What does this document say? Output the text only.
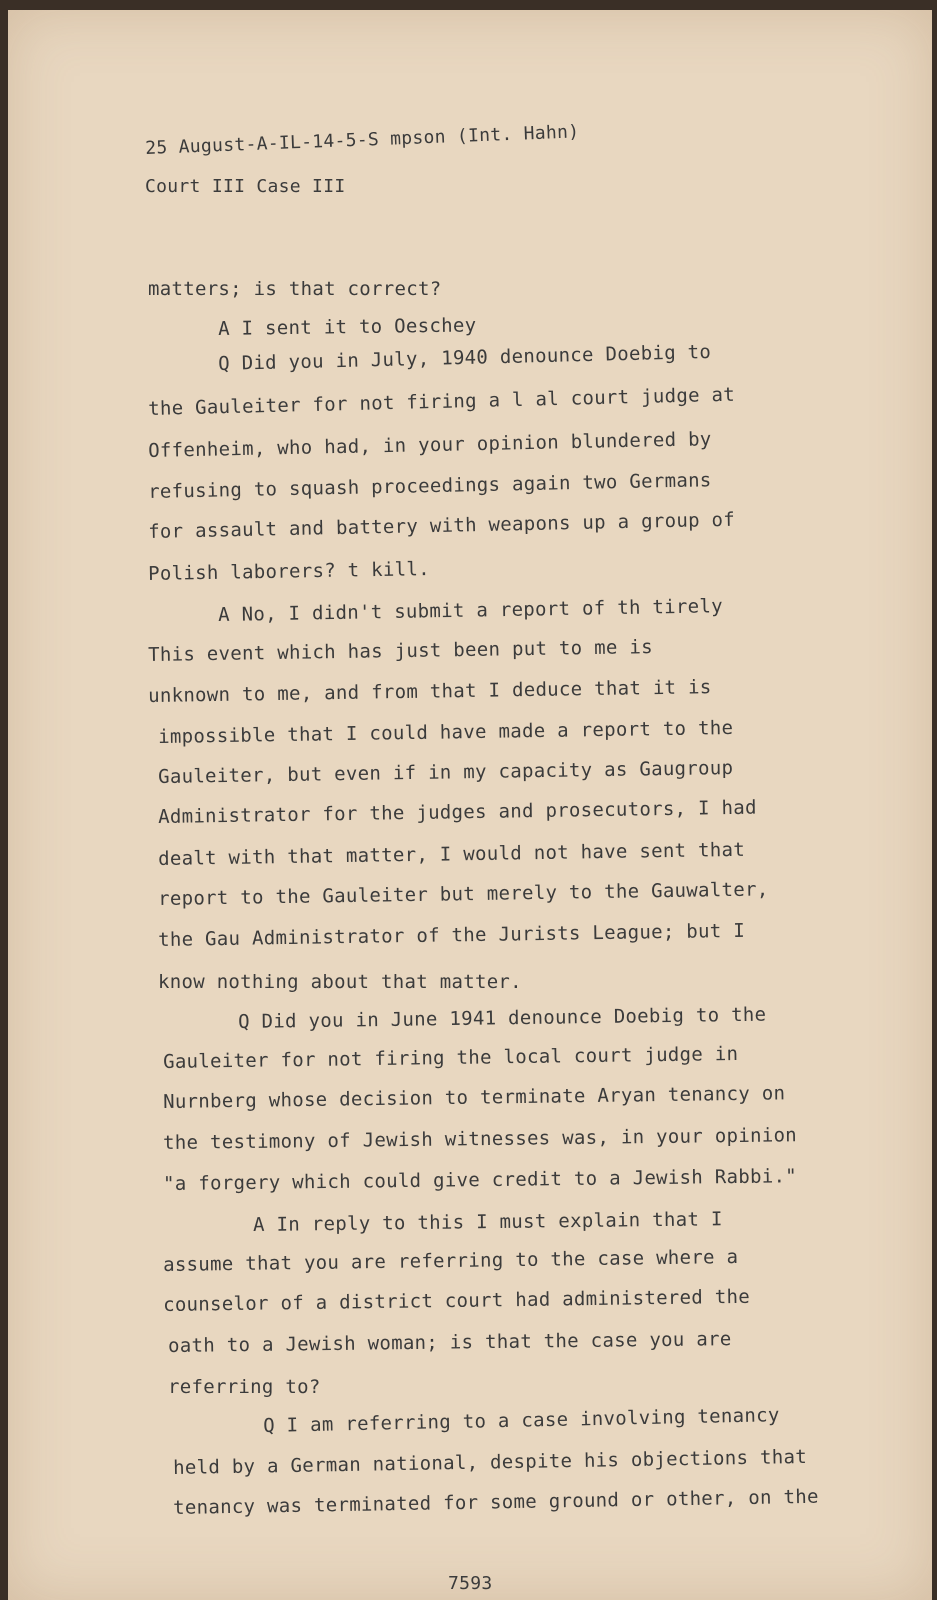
25 August-A-IL-14-5-S mpson (Int. Hahn)
Court III Case III
matters; is that correct?
A I sent it to Oeschey
Q Did you in July, 1940 denounce Doebig to
the Gauleiter for not firing a l al court judge at
Offenheim, who had, in your opinion blundered by
refusing to squash proceedings again two Germans
for assault and battery with weapons up a group of
Polish laborers? t kill.
A No, I didn't submit a report of th tirely
This event which has just been put to me is
unknown to me, and from that I deduce that it is
impossible that I could have made a report to the
Gauleiter, but even if in my capacity as Gaugroup
Administrator for the judges and prosecutors, I had
dealt with that matter, I would not have sent that
report to the Gauleiter but merely to the Gauwalter,
the Gau Administrator of the Jurists League; but I
know nothing about that matter.
Q Did you in June 1941 denounce Doebig to the
Gauleiter for not firing the local court judge in
Nurnberg whose decision to terminate Aryan tenancy on
the testimony of Jewish witnesses was, in your opinion
"a forgery which could give credit to a Jewish Rabbi."
A In reply to this I must explain that I
assume that you are referring to the case where a
counselor of a district court had administered the
oath to a Jewish woman; is that the case you are
referring to?
Q I am referring to a case involving tenancy
held by a German national, despite his objections that
tenancy was terminated for some ground or other, on the
7593
